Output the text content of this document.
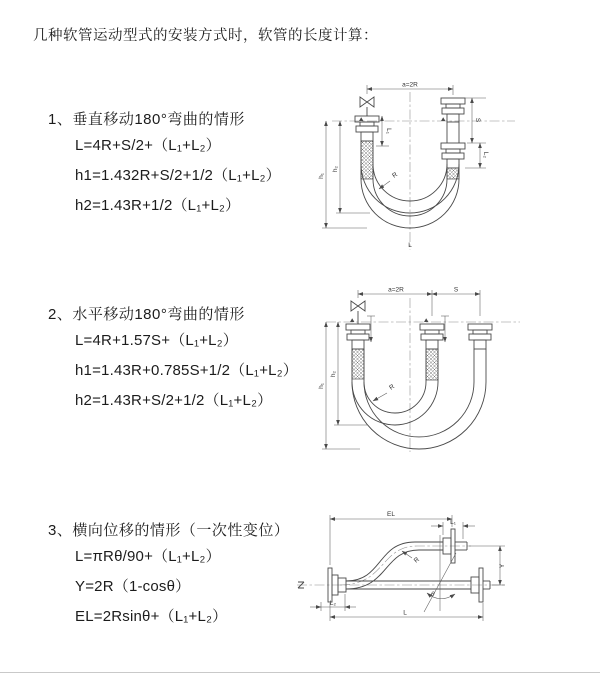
几种软管运动型式的安装方式时，软管的长度计算：
1、垂直移动180°弯曲的情形
L=4R+S/2+（L₁+L₂）
h1=1.432R+S/2+1/2（L₁+L₂）
h2=1.43R+1/2（L₁+L₂）
a=2R
L₁
S
L₂
h₁
h₂
R
L
2、水平移动180°弯曲的情形
L=4R+1.57S+（L₁+L₂）
h1=1.43R+0.785S+1/2（L₁+L₂）
h2=1.43R+S/2+1/2（L₁+L₂）
a=2R	S
h₁
h₂
R
3、横向位移的情形（一次性变位）
L=πRθ/90+（L₁+L₂）
Y=2R（1-cosθ）
EL=2Rsinθ+（L₁+L₂）
EL
L₁
Y
L
L₂
R
θ
